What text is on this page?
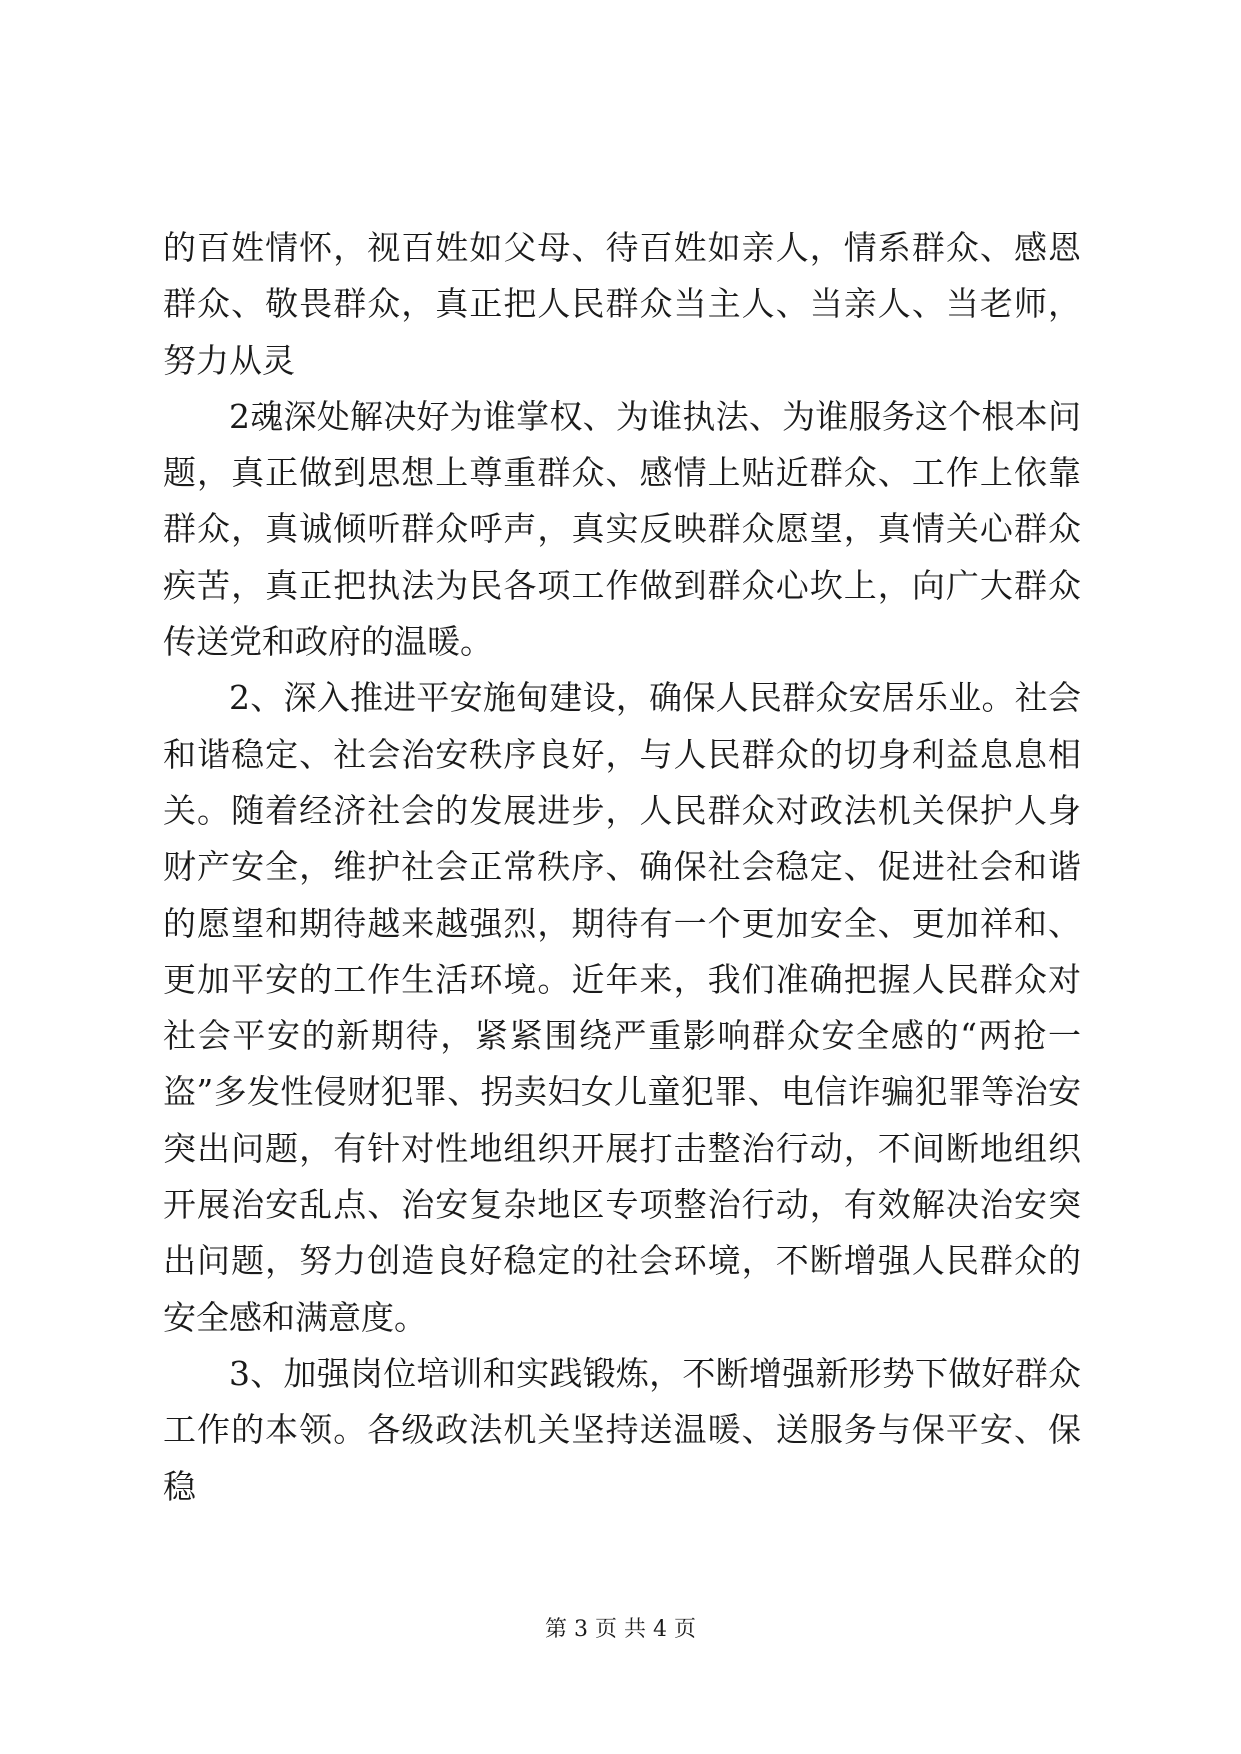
的百姓情怀，视百姓如父母、待百姓如亲人，情系群众、感恩群众、敬畏群众，真正把人民群众当主人、当亲人、当老师，努力从灵

2魂深处解决好为谁掌权、为谁执法、为谁服务这个根本问题，真正做到思想上尊重群众、感情上贴近群众、工作上依靠群众，真诚倾听群众呼声，真实反映群众愿望，真情关心群众疾苦，真正把执法为民各项工作做到群众心坎上，向广大群众传送党和政府的温暖。

2、深入推进平安施甸建设，确保人民群众安居乐业。社会和谐稳定、社会治安秩序良好，与人民群众的切身利益息息相关。随着经济社会的发展进步，人民群众对政法机关保护人身财产安全，维护社会正常秩序、确保社会稳定、促进社会和谐的愿望和期待越来越强烈，期待有一个更加安全、更加祥和、更加平安的工作生活环境。近年来，我们准确把握人民群众对社会平安的新期待，紧紧围绕严重影响群众安全感的“两抢一盗”多发性侵财犯罪、拐卖妇女儿童犯罪、电信诈骗犯罪等治安突出问题，有针对性地组织开展打击整治行动，不间断地组织开展治安乱点、治安复杂地区专项整治行动，有效解决治安突出问题，努力创造良好稳定的社会环境，不断增强人民群众的安全感和满意度。

3、加强岗位培训和实践锻炼，不断增强新形势下做好群众工作的本领。各级政法机关坚持送温暖、送服务与保平安、保稳

第 3 页 共 4 页
